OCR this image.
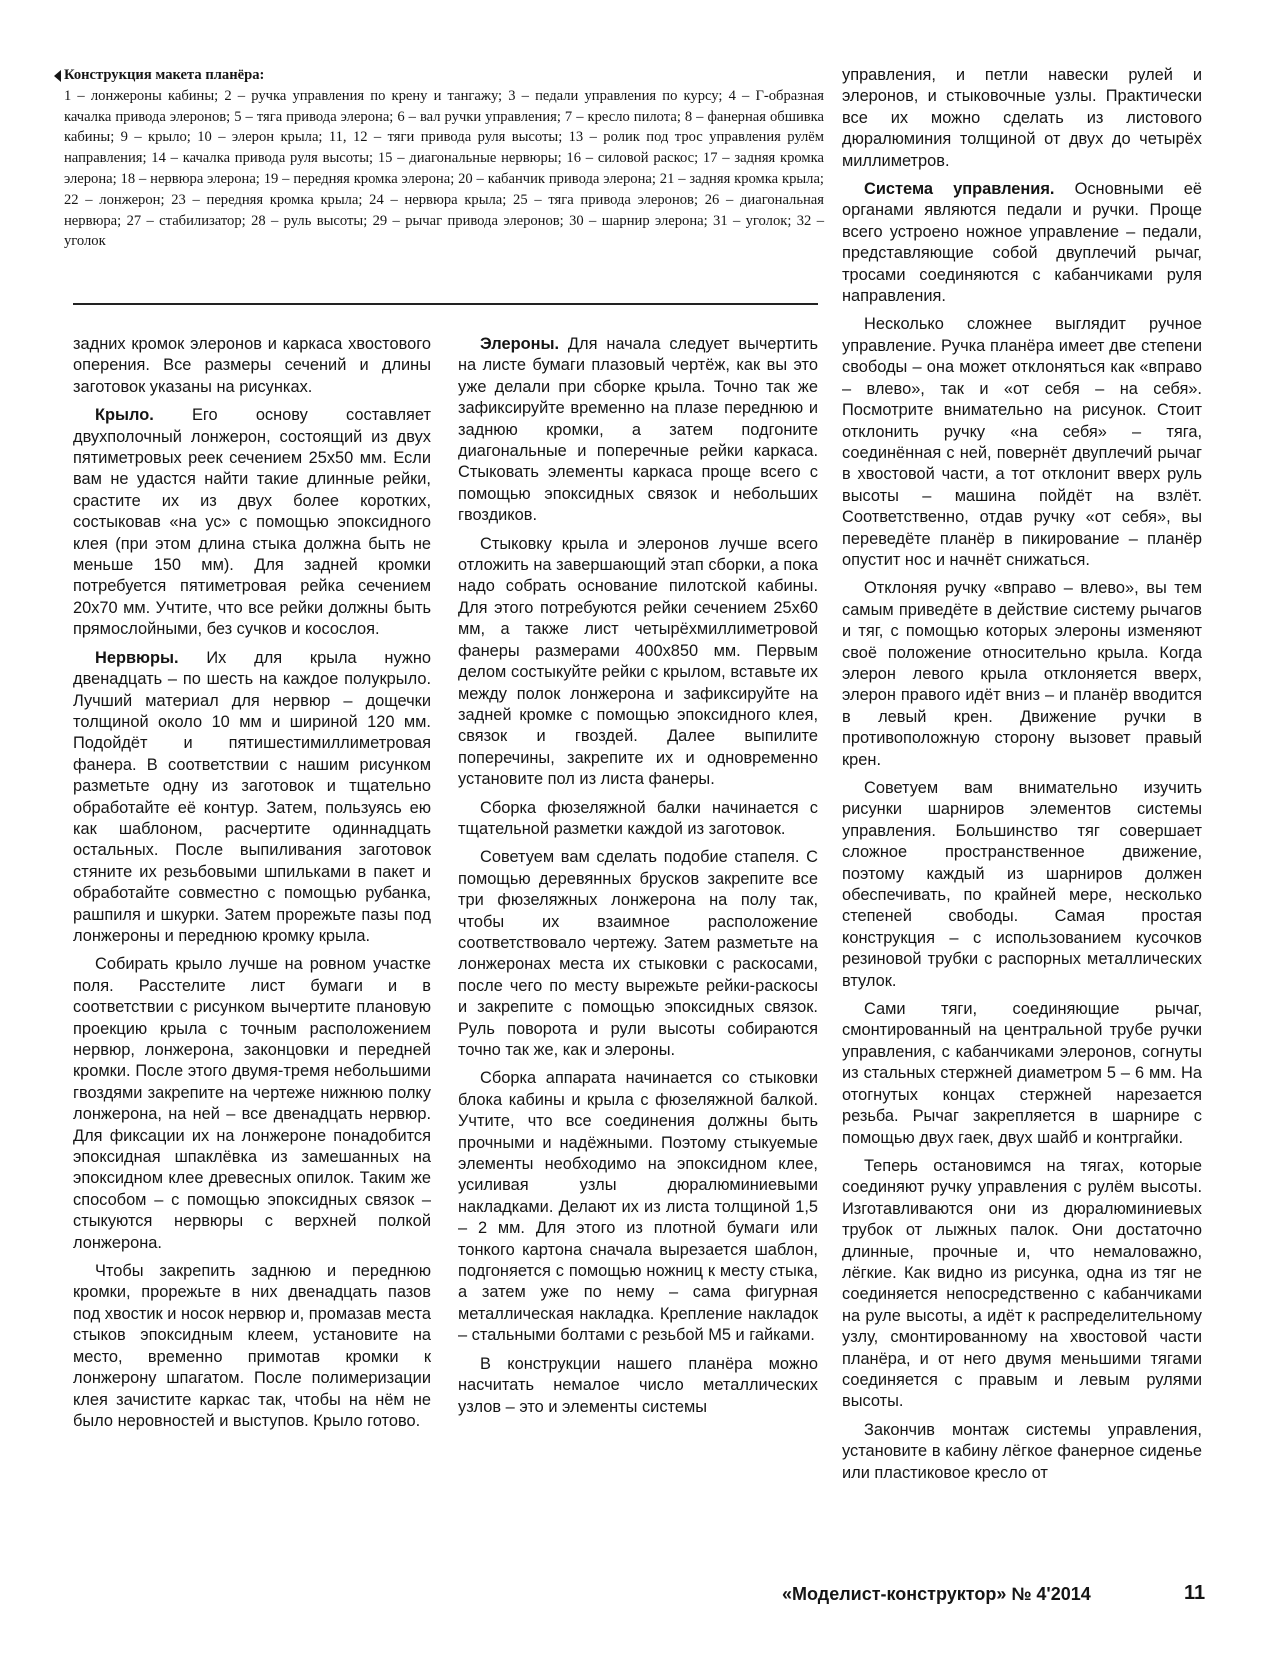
Конструкция макета планёра:
1 – лонжероны кабины; 2 – ручка управления по крену и тангажу; 3 – педали управления по курсу; 4 – Г-образная качалка привода элеронов; 5 – тяга привода элерона; 6 – вал ручки управления; 7 – кресло пилота; 8 – фанерная обшивка кабины; 9 – крыло; 10 – элерон крыла; 11, 12 – тяги привода руля высоты; 13 – ролик под трос управления рулём направления; 14 – качалка привода руля высоты; 15 – диагональные нервюры; 16 – силовой раскос; 17 – задняя кромка элерона; 18 – нервюра элерона; 19 – передняя кромка элерона; 20 – кабанчик привода элерона; 21 – задняя кромка крыла; 22 – лонжерон; 23 – передняя кромка крыла; 24 – нервюра крыла; 25 – тяга привода элеронов; 26 – диагональная нервюра; 27 – стабилизатор; 28 – руль высоты; 29 – рычаг привода элеронов; 30 – шарнир элерона; 31 – уголок; 32 – уголок

задних кромок элеронов и каркаса хвостового оперения. Все размеры сечений и длины заготовок указаны на рисунках.

Крыло. Его основу составляет двухполочный лонжерон, состоящий из двух пятиметровых реек сечением 25x50 мм. Если вам не удастся найти такие длинные рейки, срастите их из двух более коротких, состыковав «на ус» с помощью эпоксидного клея (при этом длина стыка должна быть не меньше 150 мм). Для задней кромки потребуется пятиметровая рейка сечением 20x70 мм. Учтите, что все рейки должны быть прямослойными, без сучков и косослоя.

Нервюры. Их для крыла нужно двенадцать – по шесть на каждое полукрыло. Лучший материал для нервюр – дощечки толщиной около 10 мм и шириной 120 мм. Подойдёт и пятишестимиллиметровая фанера. В соответствии с нашим рисунком разметьте одну из заготовок и тщательно обработайте её контур. Затем, пользуясь ею как шаблоном, расчертите одиннадцать остальных. После выпиливания заготовок стяните их резьбовыми шпильками в пакет и обработайте совместно с помощью рубанка, рашпиля и шкурки. Затем прорежьте пазы под лонжероны и переднюю кромку крыла.

Собирать крыло лучше на ровном участке поля. Расстелите лист бумаги и в соответствии с рисунком вычертите плановую проекцию крыла с точным расположением нервюр, лонжерона, законцовки и передней кромки. После этого двумя-тремя небольшими гвоздями закрепите на чертеже нижнюю полку лонжерона, на ней – все двенадцать нервюр. Для фиксации их на лонжероне понадобится эпоксидная шпаклёвка из замешанных на эпоксидном клее древесных опилок. Таким же способом – с помощью эпоксидных связок – стыкуются нервюры с верхней полкой лонжерона.

Чтобы закрепить заднюю и переднюю кромки, прорежьте в них двенадцать пазов под хвостик и носок нервюр и, промазав места стыков эпоксидным клеем, установите на место, временно примотав кромки к лонжерону шпагатом. После полимеризации клея зачистите каркас так, чтобы на нём не было неровностей и выступов. Крыло готово.

Элероны. Для начала следует вычертить на листе бумаги плазовый чертёж, как вы это уже делали при сборке крыла. Точно так же зафиксируйте временно на плазе переднюю и заднюю кромки, а затем подгоните диагональные и поперечные рейки каркаса. Стыковать элементы каркаса проще всего с помощью эпоксидных связок и небольших гвоздиков.

Стыковку крыла и элеронов лучше всего отложить на завершающий этап сборки, а пока надо собрать основание пилотской кабины. Для этого потребуются рейки сечением 25x60 мм, а также лист четырёхмиллиметровой фанеры размерами 400x850 мм. Первым делом состыкуйте рейки с крылом, вставьте их между полок лонжерона и зафиксируйте на задней кромке с помощью эпоксидного клея, связок и гвоздей. Далее выпилите поперечины, закрепите их и одновременно установите пол из листа фанеры.

Сборка фюзеляжной балки начинается с тщательной разметки каждой из заготовок.

Советуем вам сделать подобие стапеля. С помощью деревянных брусков закрепите все три фюзеляжных лонжерона на полу так, чтобы их взаимное расположение соответствовало чертежу. Затем разметьте на лонжеронах места их стыковки с раскосами, после чего по месту вырежьте рейки-раскосы и закрепите с помощью эпоксидных связок. Руль поворота и рули высоты собираются точно так же, как и элероны.

Сборка аппарата начинается со стыковки блока кабины и крыла с фюзеляжной балкой. Учтите, что все соединения должны быть прочными и надёжными. Поэтому стыкуемые элементы необходимо на эпоксидном клее, усиливая узлы дюралюминиевыми накладками. Делают их из листа толщиной 1,5 – 2 мм. Для этого из плотной бумаги или тонкого картона сначала вырезается шаблон, подгоняется с помощью ножниц к месту стыка, а затем уже по нему – сама фигурная металлическая накладка. Крепление накладок – стальными болтами с резьбой М5 и гайками.

В конструкции нашего планёра можно насчитать немалое число металлических узлов – это и элементы системы

управления, и петли навески рулей и элеронов, и стыковочные узлы. Практически все их можно сделать из листового дюралюминия толщиной от двух до четырёх миллиметров.

Система управления. Основными её органами являются педали и ручки. Проще всего устроено ножное управление – педали, представляющие собой двуплечий рычаг, тросами соединяются с кабанчиками руля направления.

Несколько сложнее выглядит ручное управление. Ручка планёра имеет две степени свободы – она может отклоняться как «вправо – влево», так и «от себя – на себя». Посмотрите внимательно на рисунок. Стоит отклонить ручку «на себя» – тяга, соединённая с ней, повернёт двуплечий рычаг в хвостовой части, а тот отклонит вверх руль высоты – машина пойдёт на взлёт. Соответственно, отдав ручку «от себя», вы переведёте планёр в пикирование – планёр опустит нос и начнёт снижаться.

Отклоняя ручку «вправо – влево», вы тем самым приведёте в действие систему рычагов и тяг, с помощью которых элероны изменяют своё положение относительно крыла. Когда элерон левого крыла отклоняется вверх, элерон правого идёт вниз – и планёр вводится в левый крен. Движение ручки в противоположную сторону вызовет правый крен.

Советуем вам внимательно изучить рисунки шарниров элементов системы управления. Большинство тяг совершает сложное пространственное движение, поэтому каждый из шарниров должен обеспечивать, по крайней мере, несколько степеней свободы. Самая простая конструкция – с использованием кусочков резиновой трубки с распорных металлических втулок.

Сами тяги, соединяющие рычаг, смонтированный на центральной трубе ручки управления, с кабанчиками элеронов, согнуты из стальных стержней диаметром 5 – 6 мм. На отогнутых концах стержней нарезается резьба. Рычаг закрепляется в шарнире с помощью двух гаек, двух шайб и контргайки.

Теперь остановимся на тягах, которые соединяют ручку управления с рулём высоты. Изготавливаются они из дюралюминиевых трубок от лыжных палок. Они достаточно длинные, прочные и, что немаловажно, лёгкие. Как видно из рисунка, одна из тяг не соединяется непосредственно с кабанчиками на руле высоты, а идёт к распределительному узлу, смонтированному на хвостовой части планёра, и от него двумя меньшими тягами соединяется с правым и левым рулями высоты.

Закончив монтаж системы управления, установите в кабину лёгкое фанерное сиденье или пластиковое кресло от

«Моделист-конструктор» № 4'2014	11
